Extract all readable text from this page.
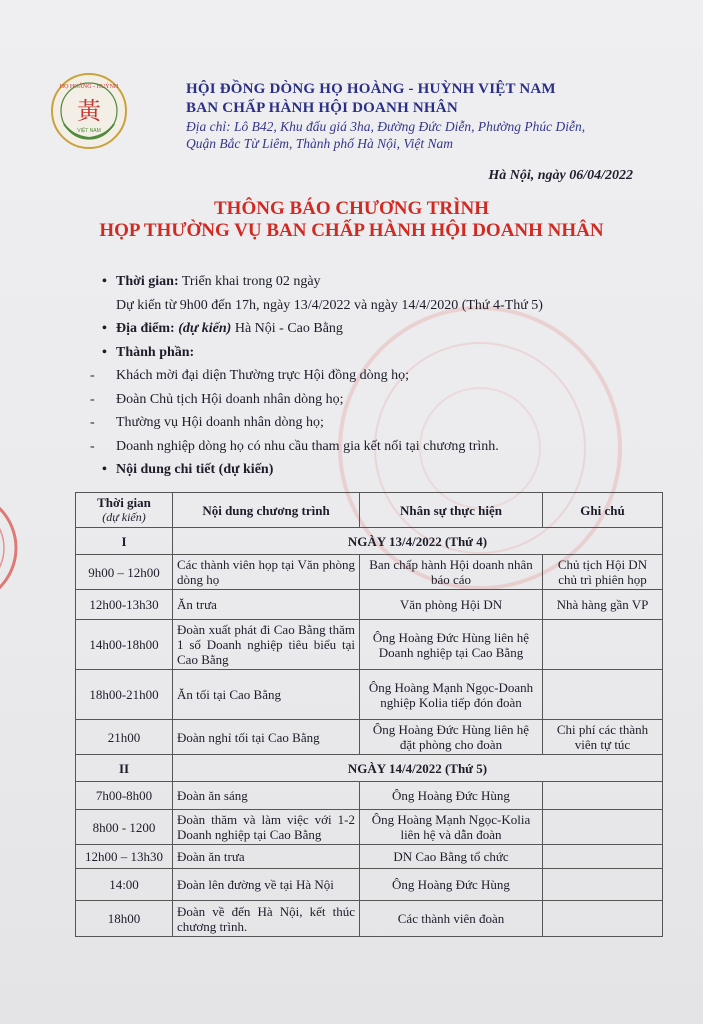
黃
HỌ HOÀNG - HUỲNH
VIỆT NAM
HỘI ĐỒNG DÒNG HỌ HOÀNG - HUỲNH VIỆT NAM
BAN CHẤP HÀNH HỘI DOANH NHÂN
Địa chỉ: Lô B42, Khu đấu giá 3ha, Đường Đức Diễn, Phường Phúc Diễn,
Quận Bắc Từ Liêm, Thành phố Hà Nội, Việt Nam
Hà Nội, ngày 06/04/2022
THÔNG BÁO CHƯƠNG TRÌNH
HỌP THƯỜNG VỤ BAN CHẤP HÀNH HỘI DOANH NHÂN
• Thời gian: Triển khai trong 02 ngày
Dự kiến từ 9h00 đến 17h, ngày 13/4/2022 và ngày 14/4/2020 (Thứ 4-Thứ 5)
• Địa điểm: (dự kiến) Hà Nội - Cao Bằng
• Thành phần:
- Khách mời đại diện Thường trực Hội đồng dòng họ;
- Đoàn Chủ tịch Hội doanh nhân dòng họ;
- Thường vụ Hội doanh nhân dòng họ;
- Doanh nghiệp dòng họ có nhu cầu tham gia kết nối tại chương trình.
• Nội dung chi tiết (dự kiến)
Thời gian
(dự kiến)	Nội dung chương trình	Nhân sự thực hiện	Ghi chú
I	NGÀY 13/4/2022 (Thứ 4)		
9h00 – 12h00	Các thành viên họp tại Văn phòng dòng họ	Ban chấp hành Hội doanh nhân báo cáo	Chủ tịch Hội DN chủ trì phiên họp
12h00-13h30	Ăn trưa	Văn phòng Hội DN	Nhà hàng gần VP
14h00-18h00	Đoàn xuất phát đi Cao Bằng thăm 1 số Doanh nghiệp tiêu biểu tại Cao Bằng	Ông Hoàng Đức Hùng liên hệ Doanh nghiệp tại Cao Bằng	
18h00-21h00	Ăn tối tại Cao Bằng	Ông Hoàng Mạnh Ngọc-Doanh nghiệp Kolia tiếp đón đoàn	
21h00	Đoàn nghỉ tối tại Cao Bằng	Ông Hoàng Đức Hùng liên hệ đặt phòng cho đoàn	Chi phí các thành viên tự túc
II	NGÀY 14/4/2022 (Thứ 5)		
7h00-8h00	Đoàn ăn sáng	Ông Hoàng Đức Hùng	
8h00 - 1200	Đoàn thăm và làm việc với 1-2 Doanh nghiệp tại Cao Bằng	Ông Hoàng Mạnh Ngọc-Kolia liên hệ và dẫn đoàn	
12h00 – 13h30	Đoàn ăn trưa	DN Cao Bằng tổ chức	
14:00	Đoàn lên đường về tại Hà Nội	Ông Hoàng Đức Hùng	
18h00	Đoàn về đến Hà Nội, kết thúc chương trình.	Các thành viên đoàn	
